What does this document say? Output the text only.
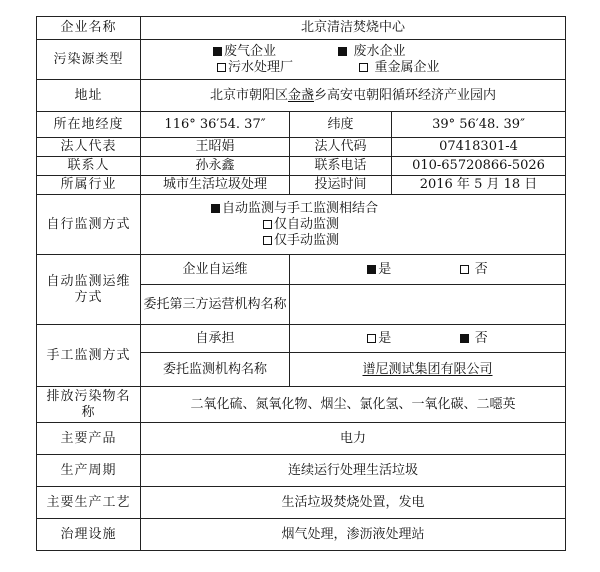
企业名称	北京清洁焚烧中心		
污染源类型	废气企业 废水企业
污水处理厂 重金属企业		

地址	北京市朝阳区金盏乡高安屯朝阳循环经济产业园内		
所在地经度	116° 36′54. 37″	纬度	39° 56′48. 39″
法人代表	王昭娟	法人代码	07418301-4
联系人	孙永鑫	联系电话	010-65720866-5026
所属行业	城市生活垃圾处理	投运时间	2016 年 5 月 18 日
自行监测方式	自动监测与手工监测相结合
仅自动监测
仅手动监测		

自动监测运维方式	企业自运维	是 否	
	委托第三方运营机构名称		
手工监测方式	自承担	是 否	
	委托监测机构名称	谱尼测试集团有限公司	
排放污染物名称	二氧化硫、氮氧化物、烟尘、氯化氢、一氧化碳、二噁英		
主要产品	电力		
生产周期	连续运行处理生活垃圾		
主要生产工艺	生活垃圾焚烧处置，发电		
治理设施	烟气处理，渗沥液处理站		
